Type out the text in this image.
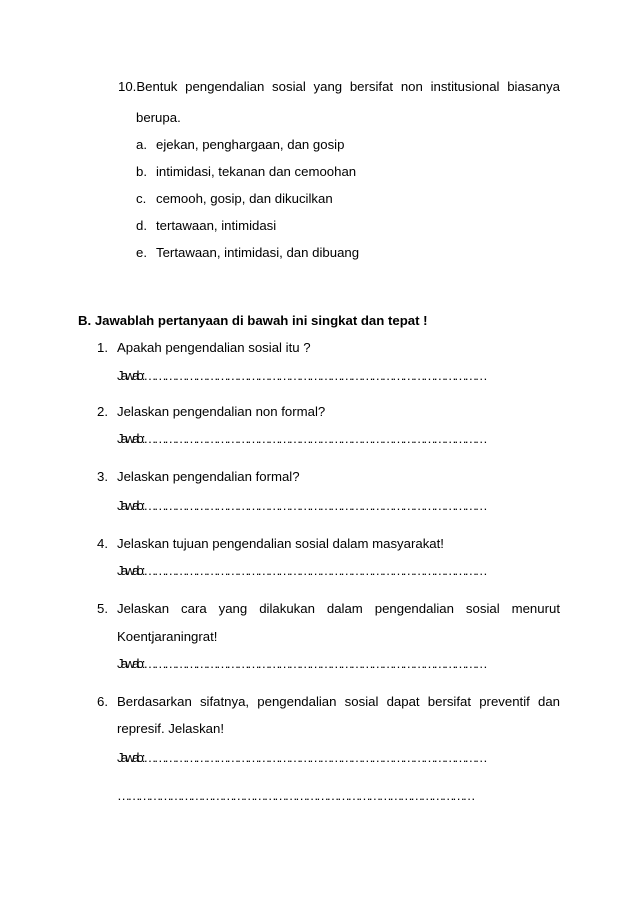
10.Bentuk pengendalian sosial yang bersifat non institusional biasanya
berupa.
a. ejekan, penghargaan, dan gosip
b. intimidasi, tekanan dan cemoohan
c. cemooh, gosip, dan dikucilkan
d. tertawaan, intimidasi
e. Tertawaan, intimidasi, dan dibuang
B. Jawablah pertanyaan di bawah ini singkat dan tepat !
1. Apakah pengendalian sosial itu ?
Jawab : ………………………………………………………………………………………
2. Jelaskan pengendalian non formal?
Jawab : ………………………………………………………………………………………
3. Jelaskan pengendalian formal?
Jawab : ………………………………………………………………………………………
4. Jelaskan tujuan pengendalian sosial dalam masyarakat!
Jawab : ………………………………………………………………………………………
5. Jelaskan cara yang dilakukan dalam pengendalian sosial menurut
Koentjaraningrat!
Jawab : ………………………………………………………………………………………
6. Berdasarkan sifatnya, pengendalian sosial dapat bersifat preventif dan
represif. Jelaskan!
Jawab : ………………………………………………………………………………………
…………………………………………………………………………………………
